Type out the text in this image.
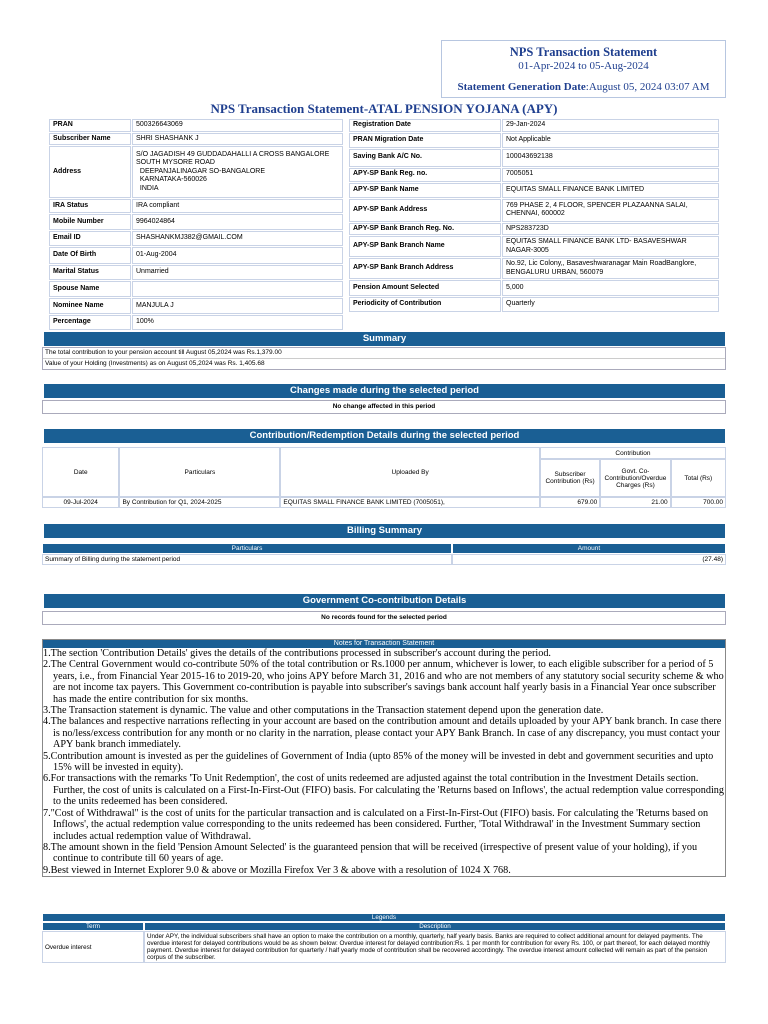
NPS Transaction Statement
01-Apr-2024 to 05-Aug-2024
Statement Generation Date:August 05, 2024 03:07 AM
NPS Transaction Statement-ATAL PENSION YOJANA (APY)
PRAN	500326643069
Subscriber Name	SHRI SHASHANK J
Address	S/O JAGADISH 49 GUDDADAHALLI A CROSS BANGALORE
SOUTH MYSORE ROAD
DEEPANJALINAGAR SO-BANGALORE
KARNATAKA-560026
INDIA

IRA Status	IRA compliant
Mobile Number	9964024864
Email ID	SHASHANKMJ382@GMAIL.COM
Date Of Birth	01-Aug-2004
Marital Status	Unmarried
Spouse Name	
Nominee Name	MANJULA J
Percentage	100%
Registration Date	29-Jan-2024
PRAN Migration Date	Not Applicable
Saving Bank A/C No.	100043692138
APY-SP Bank Reg. no.	7005051
APY-SP Bank Name	EQUITAS SMALL FINANCE BANK LIMITED
APY-SP Bank Address	769 PHASE 2, 4 FLOOR, SPENCER PLAZAANNA SALAI, CHENNAI, 600002
APY-SP Bank Branch Reg. No.	NPS283723D
APY-SP Bank Branch Name	EQUITAS SMALL FINANCE BANK LTD- BASAVESHWAR NAGAR-3005
APY-SP Bank Branch Address	No.92, Lic Colony,, Basaveshwaranagar Main RoadBanglore, BENGALURU URBAN, 560079
Pension Amount Selected	5,000
Periodicity of Contribution	Quarterly
Summary
The total contribution to your pension account till August 05,2024 was Rs.1,379.00
Value of your Holding (Investments) as on August 05,2024 was Rs. 1,405.68
Changes made during the selected period
No change affected in this period
Contribution/Redemption Details during the selected period
Date	Particulars	Uploaded By	Contribution		
			Subscriber Contribution (Rs)	Govt. Co-Contribution/Overdue Charges (Rs)	Total (Rs)
09-Jul-2024	By Contribution for Q1, 2024-2025	EQUITAS SMALL FINANCE BANK LIMITED (7005051),	679.00	21.00	700.00
Billing Summary
Particulars	Amount
Summary of Billing during the statement period	(27.48)
Government Co-contribution Details
No records found for the selected period
Notes for Transaction Statement
1.The section 'Contribution Details' gives the details of the contributions processed in subscriber's account during the period.
2.The Central Government would co-contribute 50% of the total contribution or Rs.1000 per annum, whichever is lower, to each eligible subscriber for a period of 5 years, i.e., from Financial Year 2015-16 to 2019-20, who joins APY before March 31, 2016 and who are not members of any statutory social security scheme & who are not income tax payers. This Government co-contribution is payable into subscriber's savings bank account half yearly basis in a Financial Year once subscriber has made the entire contribution for six months.
3.The Transaction statement is dynamic. The value and other computations in the Transaction statement depend upon the generation date.
4.The balances and respective narrations reflecting in your account are based on the contribution amount and details uploaded by your APY bank branch. In case there is no/less/excess contribution for any month or no clarity in the narration, please contact your APY Bank Branch. In case of any discrepancy, you must contact your APY bank branch immediately.
5.Contribution amount is invested as per the guidelines of Government of India (upto 85% of the money will be invested in debt and government securities and upto 15% will be invested in equity).
6.For transactions with the remarks 'To Unit Redemption', the cost of units redeemed are adjusted against the total contribution in the Investment Details section. Further, the cost of units is calculated on a First-In-First-Out (FIFO) basis. For calculating the 'Returns based on Inflows', the actual redemption value corresponding to the units redeemed has been considered.
7."Cost of Withdrawal" is the cost of units for the particular transaction and is calculated on a First-In-First-Out (FIFO) basis. For calculating the 'Returns based on Inflows', the actual redemption value corresponding to the units redeemed has been considered. Further, 'Total Withdrawal' in the Investment Summary section includes actual redemption value of Withdrawal.
8.The amount shown in the field 'Pension Amount Selected' is the guaranteed pension that will be received (irrespective of present value of your holding), if you continue to contribute till 60 years of age.
9.Best viewed in Internet Explorer 9.0 & above or Mozilla Firefox Ver 3 & above with a resolution of 1024 X 768.
Legends	
Term	Description
Overdue interest	Under APY, the individual subscribers shall have an option to make the contribution on a monthly, quarterly, half yearly basis. Banks are required to collect additional amount for delayed payments. The overdue interest for delayed contributions would be as shown below: Overdue interest for delayed contribution:Rs. 1 per month for contribution for every Rs. 100, or part thereof, for each delayed monthly payment. Overdue interest for delayed contribution for quarterly / half yearly mode of contribution shall be recovered accordingly. The overdue interest amount collected will remain as part of the pension corpus of the subscriber.
